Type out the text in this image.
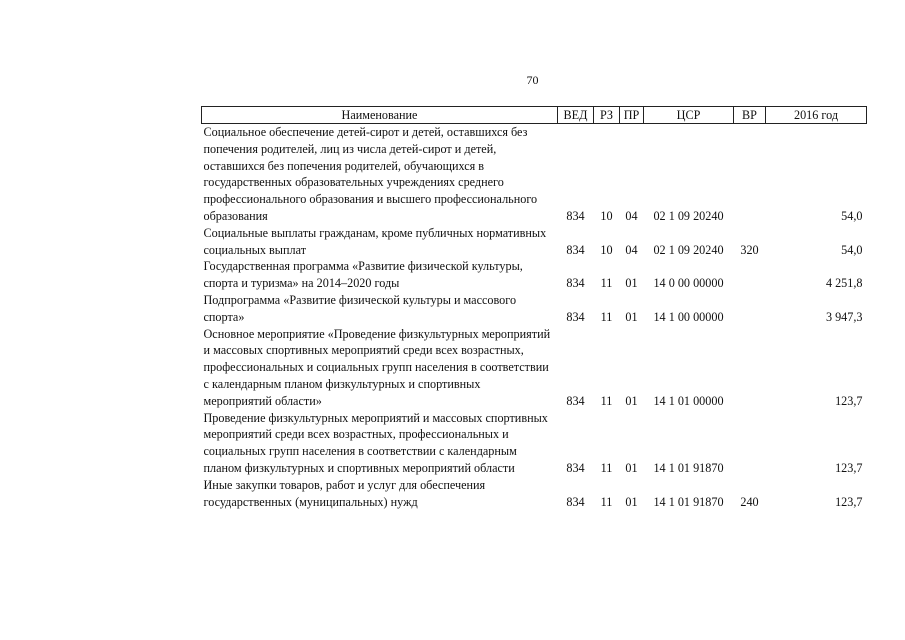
70
Наименование	ВЕД	РЗ	ПР	ЦСР	ВР	2016 год
Социальное обеспечение детей-сирот и детей, оставшихся без попечения родителей, лиц из числа детей-сирот и детей, оставшихся без попечения родителей, обучающихся в государственных образовательных учреждениях среднего профессионального образования и высшего профессионального образования	834	10	04	02 1 09 20240		54,0
Социальные выплаты гражданам, кроме публичных нормативных социальных выплат	834	10	04	02 1 09 20240	320	54,0
Государственная программа «Развитие физической культуры, спорта и туризма» на 2014–2020 годы	834	11	01	14 0 00 00000		4 251,8
Подпрограмма «Развитие физической культуры и массового спорта»	834	11	01	14 1 00 00000		3 947,3
Основное мероприятие «Проведение физкультурных мероприятий и массовых спортивных мероприятий среди всех возрастных, профессиональных и социальных групп населения в соответствии с календарным планом физкультурных и спортивных мероприятий области»	834	11	01	14 1 01 00000		123,7
Проведение физкультурных мероприятий и массовых спортивных мероприятий среди всех возрастных, профессиональных и социальных групп населения в соответствии с календарным планом физкультурных и спортивных мероприятий области	834	11	01	14 1 01 91870		123,7
Иные закупки товаров, работ и услуг для обеспечения государственных (муниципальных) нужд	834	11	01	14 1 01 91870	240	123,7
